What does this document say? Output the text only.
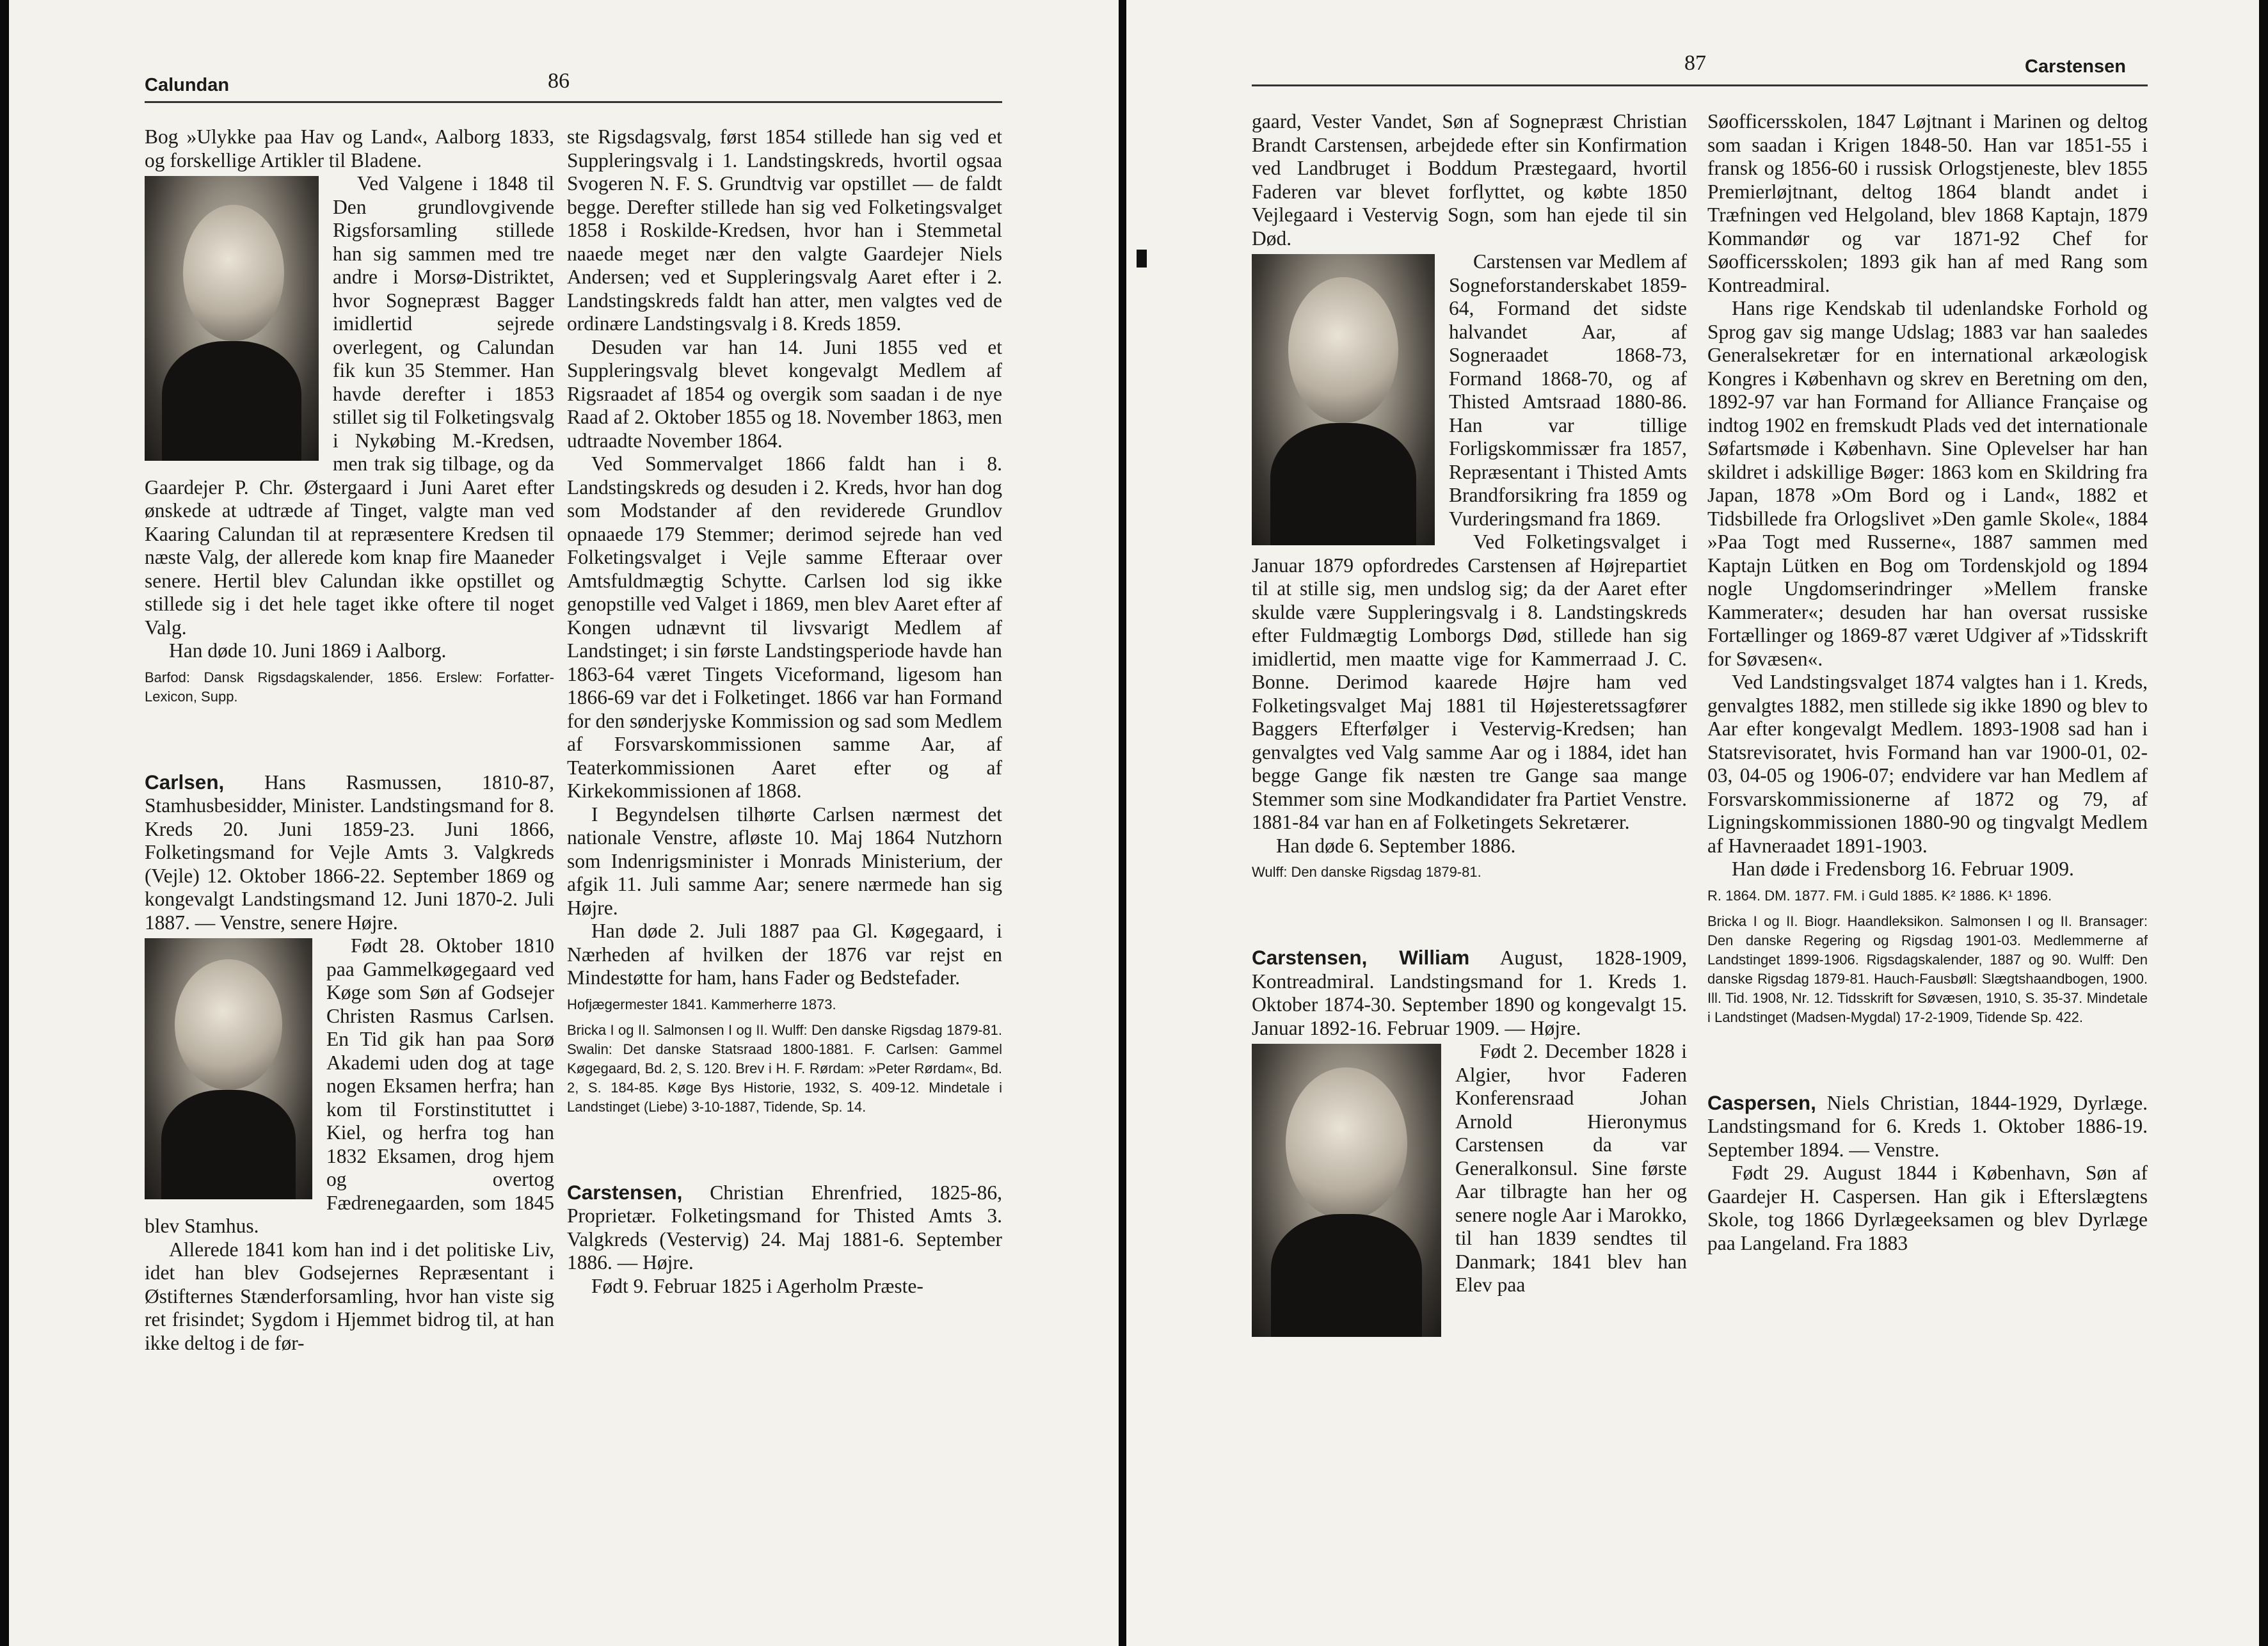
Calundan	86

Bog »Ulykke paa Hav og Land«, Aalborg 1833, og forskellige Artikler til Bladene.

Ved Valgene i 1848 til Den grundlovgivende Rigsforsamling stillede han sig sammen med tre andre i Morsø-Distriktet, hvor Sognepræst Bagger imidlertid sejrede overlegent, og Calundan fik kun 35 Stemmer. Han havde derefter i 1853 stillet sig til Folketingsvalg i Nykøbing M.-Kredsen, men trak sig tilbage, og da Gaardejer P. Chr. Østergaard i Juni Aaret efter ønskede at udtræde af Tinget, valgte man ved Kaaring Calundan til at repræsentere Kredsen til næste Valg, der allerede kom knap fire Maaneder senere. Hertil blev Calundan ikke opstillet og stillede sig i det hele taget ikke oftere til noget Valg.

Han døde 10. Juni 1869 i Aalborg.

Barfod: Dansk Rigsdagskalender, 1856. Erslew: Forfatter-Lexicon, Supp.

Carlsen, Hans Rasmussen, 1810-87, Stamhusbesidder, Minister. Landstingsmand for 8. Kreds 20. Juni 1859-23. Juni 1866, Folketingsmand for Vejle Amts 3. Valgkreds (Vejle) 12. Oktober 1866-22. September 1869 og kongevalgt Landstingsmand 12. Juni 1870-2. Juli 1887. — Venstre, senere Højre.

Født 28. Oktober 1810 paa Gammelkøgegaard ved Køge som Søn af Godsejer Christen Rasmus Carlsen. En Tid gik han paa Sorø Akademi uden dog at tage nogen Eksamen herfra; han kom til Forstinstituttet i Kiel, og herfra tog han 1832 Eksamen, drog hjem og overtog Fædrenegaarden, som 1845 blev Stamhus.

Allerede 1841 kom han ind i det politiske Liv, idet han blev Godsejernes Repræsentant i Østifternes Stænderforsamling, hvor han viste sig ret frisindet; Sygdom i Hjemmet bidrog til, at han ikke deltog i de før-

ste Rigsdagsvalg, først 1854 stillede han sig ved et Suppleringsvalg i 1. Landstingskreds, hvortil ogsaa Svogeren N. F. S. Grundtvig var opstillet — de faldt begge. Derefter stillede han sig ved Folketingsvalget 1858 i Roskilde-Kredsen, hvor han i Stemmetal naaede meget nær den valgte Gaardejer Niels Andersen; ved et Suppleringsvalg Aaret efter i 2. Landstingskreds faldt han atter, men valgtes ved de ordinære Landstingsvalg i 8. Kreds 1859.

Desuden var han 14. Juni 1855 ved et Suppleringsvalg blevet kongevalgt Medlem af Rigsraadet af 1854 og overgik som saadan i de nye Raad af 2. Oktober 1855 og 18. November 1863, men udtraadte November 1864.

Ved Sommervalget 1866 faldt han i 8. Landstingskreds og desuden i 2. Kreds, hvor han dog som Modstander af den reviderede Grundlov opnaaede 179 Stemmer; derimod sejrede han ved Folketingsvalget i Vejle samme Efteraar over Amtsfuldmægtig Schytte. Carlsen lod sig ikke genopstille ved Valget i 1869, men blev Aaret efter af Kongen udnævnt til livsvarigt Medlem af Landstinget; i sin første Landstingsperiode havde han 1863-64 været Tingets Viceformand, ligesom han 1866-69 var det i Folketinget. 1866 var han Formand for den sønderjyske Kommission og sad som Medlem af Forsvarskommissionen samme Aar, af Teaterkommissionen Aaret efter og af Kirkekommissionen af 1868.

I Begyndelsen tilhørte Carlsen nærmest det nationale Venstre, afløste 10. Maj 1864 Nutzhorn som Indenrigsminister i Monrads Ministerium, der afgik 11. Juli samme Aar; senere nærmede han sig Højre.

Han døde 2. Juli 1887 paa Gl. Køgegaard, i Nærheden af hvilken der 1876 var rejst en Mindestøtte for ham, hans Fader og Bedstefader.

Hofjægermester 1841. Kammerherre 1873.

Bricka I og II. Salmonsen I og II. Wulff: Den danske Rigsdag 1879-81. Swalin: Det danske Statsraad 1800-1881. F. Carlsen: Gammel Køgegaard, Bd. 2, S. 120. Brev i H. F. Rørdam: »Peter Rørdam«, Bd. 2, S. 184-85. Køge Bys Historie, 1932, S. 409-12. Mindetale i Landstinget (Liebe) 3-10-1887, Tidende, Sp. 14.

Carstensen, Christian Ehrenfried, 1825-86, Proprietær. Folketingsmand for Thisted Amts 3. Valgkreds (Vestervig) 24. Maj 1881-6. September 1886. — Højre.

Født 9. Februar 1825 i Agerholm Præste-

87	Carstensen

gaard, Vester Vandet, Søn af Sognepræst Christian Brandt Carstensen, arbejdede efter sin Konfirmation ved Landbruget i Boddum Præstegaard, hvortil Faderen var blevet forflyttet, og købte 1850 Vejlegaard i Vestervig Sogn, som han ejede til sin Død.

Carstensen var Medlem af Sogneforstanderskabet 1859-64, Formand det sidste halvandet Aar, af Sogneraadet 1868-73, Formand 1868-70, og af Thisted Amtsraad 1880-86. Han var tillige Forligskommissær fra 1857, Repræsentant i Thisted Amts Brandforsikring fra 1859 og Vurderingsmand fra 1869.

Ved Folketingsvalget i Januar 1879 opfordredes Carstensen af Højrepartiet til at stille sig, men undslog sig; da der Aaret efter skulde være Suppleringsvalg i 8. Landstingskreds efter Fuldmægtig Lomborgs Død, stillede han sig imidlertid, men maatte vige for Kammerraad J. C. Bonne. Derimod kaarede Højre ham ved Folketingsvalget Maj 1881 til Højesteretssagfører Baggers Efterfølger i Vestervig-Kredsen; han genvalgtes ved Valg samme Aar og i 1884, idet han begge Gange fik næsten tre Gange saa mange Stemmer som sine Modkandidater fra Partiet Venstre. 1881-84 var han en af Folketingets Sekretærer.

Han døde 6. September 1886.

Wulff: Den danske Rigsdag 1879-81.

Carstensen, William August, 1828-1909, Kontreadmiral. Landstingsmand for 1. Kreds 1. Oktober 1874-30. September 1890 og kongevalgt 15. Januar 1892-16. Februar 1909. — Højre.

Født 2. December 1828 i Algier, hvor Faderen Konferensraad Johan Arnold Hieronymus Carstensen da var Generalkonsul. Sine første Aar tilbragte han her og senere nogle Aar i Marokko, til han 1839 sendtes til Danmark; 1841 blev han Elev paa

Søofficersskolen, 1847 Løjtnant i Marinen og deltog som saadan i Krigen 1848-50. Han var 1851-55 i fransk og 1856-60 i russisk Orlogstjeneste, blev 1855 Premierløjtnant, deltog 1864 blandt andet i Træfningen ved Helgoland, blev 1868 Kaptajn, 1879 Kommandør og var 1871-92 Chef for Søofficersskolen; 1893 gik han af med Rang som Kontreadmiral.

Hans rige Kendskab til udenlandske Forhold og Sprog gav sig mange Udslag; 1883 var han saaledes Generalsekretær for en international arkæologisk Kongres i København og skrev en Beretning om den, 1892-97 var han Formand for Alliance Française og indtog 1902 en fremskudt Plads ved det internationale Søfartsmøde i København. Sine Oplevelser har han skildret i adskillige Bøger: 1863 kom en Skildring fra Japan, 1878 »Om Bord og i Land«, 1882 et Tidsbillede fra Orlogslivet »Den gamle Skole«, 1884 »Paa Togt med Russerne«, 1887 sammen med Kaptajn Lütken en Bog om Tordenskjold og 1894 nogle Ungdomserindringer »Mellem franske Kammerater«; desuden har han oversat russiske Fortællinger og 1869-87 været Udgiver af »Tidsskrift for Søvæsen«.

Ved Landstingsvalget 1874 valgtes han i 1. Kreds, genvalgtes 1882, men stillede sig ikke 1890 og blev to Aar efter kongevalgt Medlem. 1893-1908 sad han i Statsrevisoratet, hvis Formand han var 1900-01, 02-03, 04-05 og 1906-07; endvidere var han Medlem af Forsvarskommissionerne af 1872 og 79, af Ligningskommissionen 1880-90 og tingvalgt Medlem af Havneraadet 1891-1903.

Han døde i Fredensborg 16. Februar 1909.

R. 1864. DM. 1877. FM. i Guld 1885. K² 1886. K¹ 1896.

Bricka I og II. Biogr. Haandleksikon. Salmonsen I og II. Bransager: Den danske Regering og Rigsdag 1901-03. Medlemmerne af Landstinget 1899-1906. Rigsdagskalender, 1887 og 90. Wulff: Den danske Rigsdag 1879-81. Hauch-Fausbøll: Slægtshaandbogen, 1900. Ill. Tid. 1908, Nr. 12. Tidsskrift for Søvæsen, 1910, S. 35-37. Mindetale i Landstinget (Madsen-Mygdal) 17-2-1909, Tidende Sp. 422.

Caspersen, Niels Christian, 1844-1929, Dyrlæge. Landstingsmand for 6. Kreds 1. Oktober 1886-19. September 1894. — Venstre.

Født 29. August 1844 i København, Søn af Gaardejer H. Caspersen. Han gik i Efterslægtens Skole, tog 1866 Dyrlægeeksamen og blev Dyrlæge paa Langeland. Fra 1883
